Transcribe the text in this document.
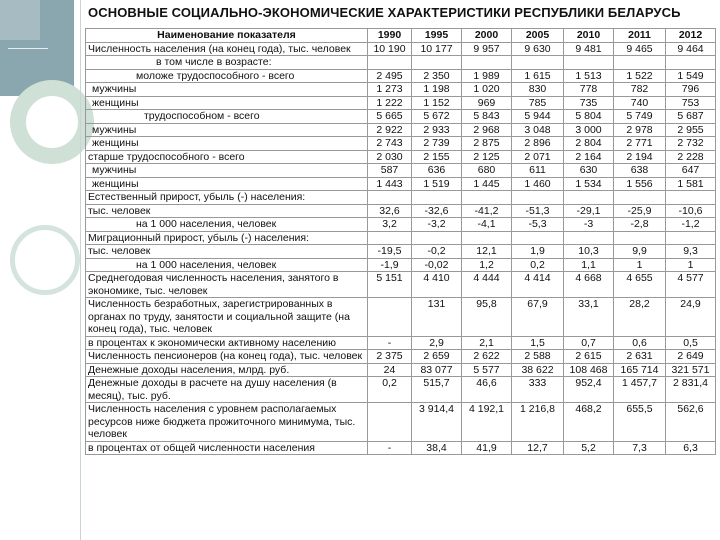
ОСНОВНЫЕ СОЦИАЛЬНО-ЭКОНОМИЧЕСКИЕ ХАРАКТЕРИСТИКИ РЕСПУБЛИКИ БЕЛАРУСЬ
Наименование показателя	1990	1995	2000	2005	2010	2011	2012
Численность населения (на конец года), тыс. человек	10 190	10 177	9 957	9 630	9 481	9 465	9 464
в том числе в возрасте:							
моложе трудоспособного - всего	2 495	2 350	1 989	1 615	1 513	1 522	1 549
мужчины	1 273	1 198	1 020	830	778	782	796
женщины	1 222	1 152	969	785	735	740	753
трудоспособном - всего	5 665	5 672	5 843	5 944	5 804	5 749	5 687
мужчины	2 922	2 933	2 968	3 048	3 000	2 978	2 955
женщины	2 743	2 739	2 875	2 896	2 804	2 771	2 732
старше трудоспособного - всего	2 030	2 155	2 125	2 071	2 164	2 194	2 228
мужчины	587	636	680	611	630	638	647
женщины	1 443	1 519	1 445	1 460	1 534	1 556	1 581
Естественный прирост, убыль (-) населения:							
тыс. человек	32,6	-32,6	-41,2	-51,3	-29,1	-25,9	-10,6
на 1 000 населения, человек	3,2	-3,2	-4,1	-5,3	-3	-2,8	-1,2
Миграционный прирост, убыль (-) населения:							
тыс. человек	-19,5	-0,2	12,1	1,9	10,3	9,9	9,3
на 1 000 населения, человек	-1,9	-0,02	1,2	0,2	1,1	1	1
Среднегодовая численность населения, занятого в экономике, тыс. человек	5 151	4 410	4 444	4 414	4 668	4 655	4 577
Численность безработных, зарегистрированных в органах по труду, занятости и социальной защите (на конец года), тыс. человек		131	95,8	67,9	33,1	28,2	24,9
в процентах к экономически активному населению	-	2,9	2,1	1,5	0,7	0,6	0,5
Численность пенсионеров (на конец года), тыс. человек	2 375	2 659	2 622	2 588	2 615	2 631	2 649
Денежные доходы населения, млрд. руб.	24	83 077	5 577	38 622	108 468	165 714	321 571
Денежные доходы в расчете на душу населения (в месяц), тыс. руб.	0,2	515,7	46,6	333	952,4	1 457,7	2 831,4
Численность населения с уровнем располагаемых ресурсов ниже бюджета прожиточного минимума, тыс. человек		3 914,4	4 192,1	1 216,8	468,2	655,5	562,6
в процентах от общей численности населения	-	38,4	41,9	12,7	5,2	7,3	6,3
